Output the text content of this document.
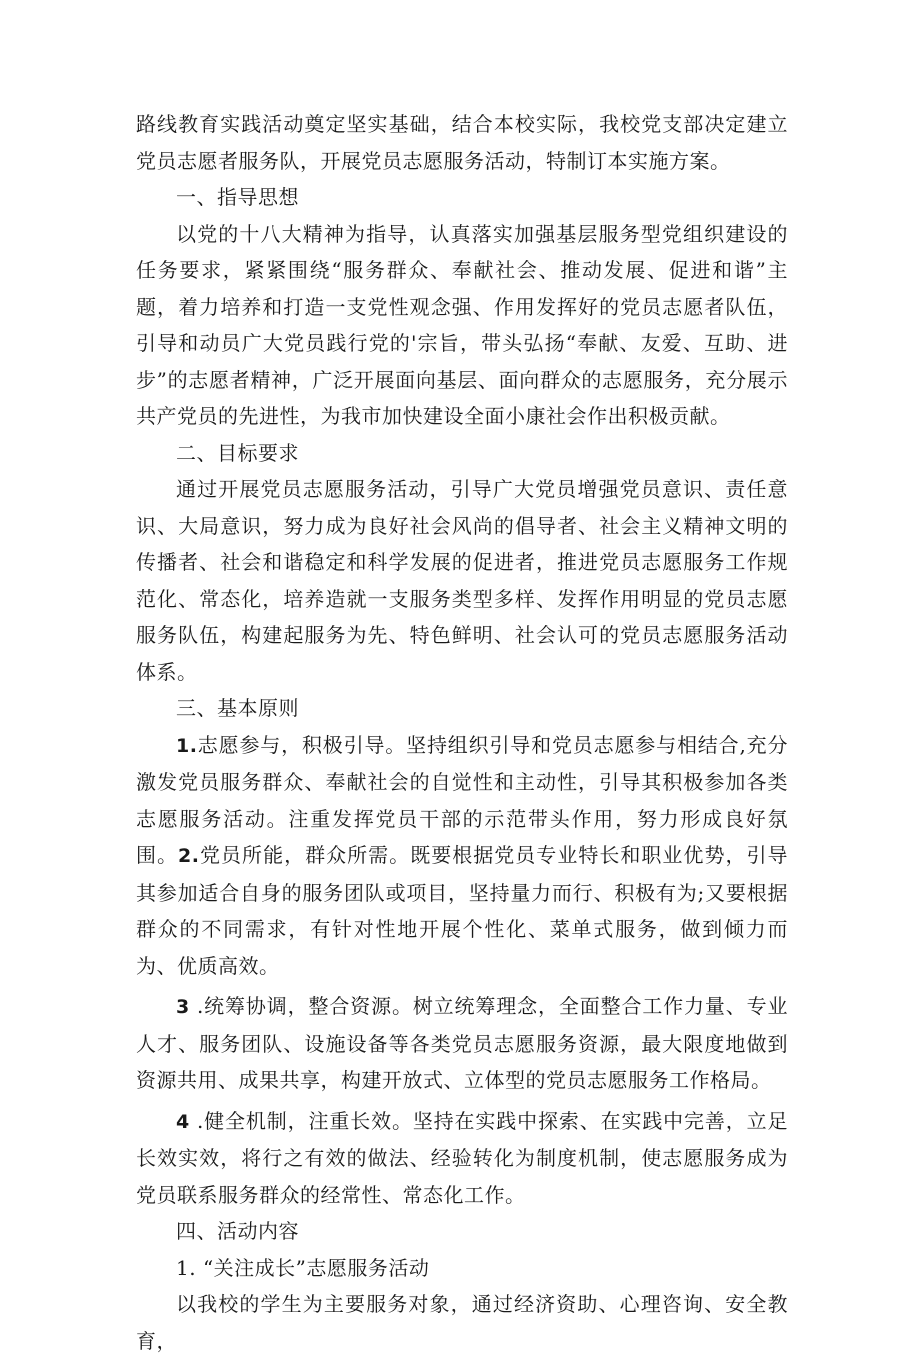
路线教育实践活动奠定坚实基础，结合本校实际，我校党支部决定建立党员志愿者服务队，开展党员志愿服务活动，特制订本实施方案。

一、指导思想

以党的十八大精神为指导，认真落实加强基层服务型党组织建设的任务要求，紧紧围绕“服务群众、奉献社会、推动发展、促进和谐”主题，着力培养和打造一支党性观念强、作用发挥好的党员志愿者队伍，引导和动员广大党员践行党的'宗旨，带头弘扬“奉献、友爱、互助、进步”的志愿者精神，广泛开展面向基层、面向群众的志愿服务，充分展示共产党员的先进性，为我市加快建设全面小康社会作出积极贡献。

二、目标要求

通过开展党员志愿服务活动，引导广大党员增强党员意识、责任意识、大局意识，努力成为良好社会风尚的倡导者、社会主义精神文明的传播者、社会和谐稳定和科学发展的促进者，推进党员志愿服务工作规范化、常态化，培养造就一支服务类型多样、发挥作用明显的党员志愿服务队伍，构建起服务为先、特色鲜明、社会认可的党员志愿服务活动体系。

三、基本原则

1.志愿参与，积极引导。坚持组织引导和党员志愿参与相结合,充分激发党员服务群众、奉献社会的自觉性和主动性，引导其积极参加各类志愿服务活动。注重发挥党员干部的示范带头作用，努力形成良好氛围。2.党员所能，群众所需。既要根据党员专业特长和职业优势，引导其参加适合自身的服务团队或项目，坚持量力而行、积极有为;又要根据群众的不同需求，有针对性地开展个性化、菜单式服务，做到倾力而为、优质高效。

3 .统筹协调，整合资源。树立统筹理念，全面整合工作力量、专业人才、服务团队、设施设备等各类党员志愿服务资源，最大限度地做到资源共用、成果共享，构建开放式、立体型的党员志愿服务工作格局。

4 .健全机制，注重长效。坚持在实践中探索、在实践中完善，立足长效实效，将行之有效的做法、经验转化为制度机制，使志愿服务成为党员联系服务群众的经常性、常态化工作。

四、活动内容

1. “关注成长”志愿服务活动

以我校的学生为主要服务对象，通过经济资助、心理咨询、安全教育，
